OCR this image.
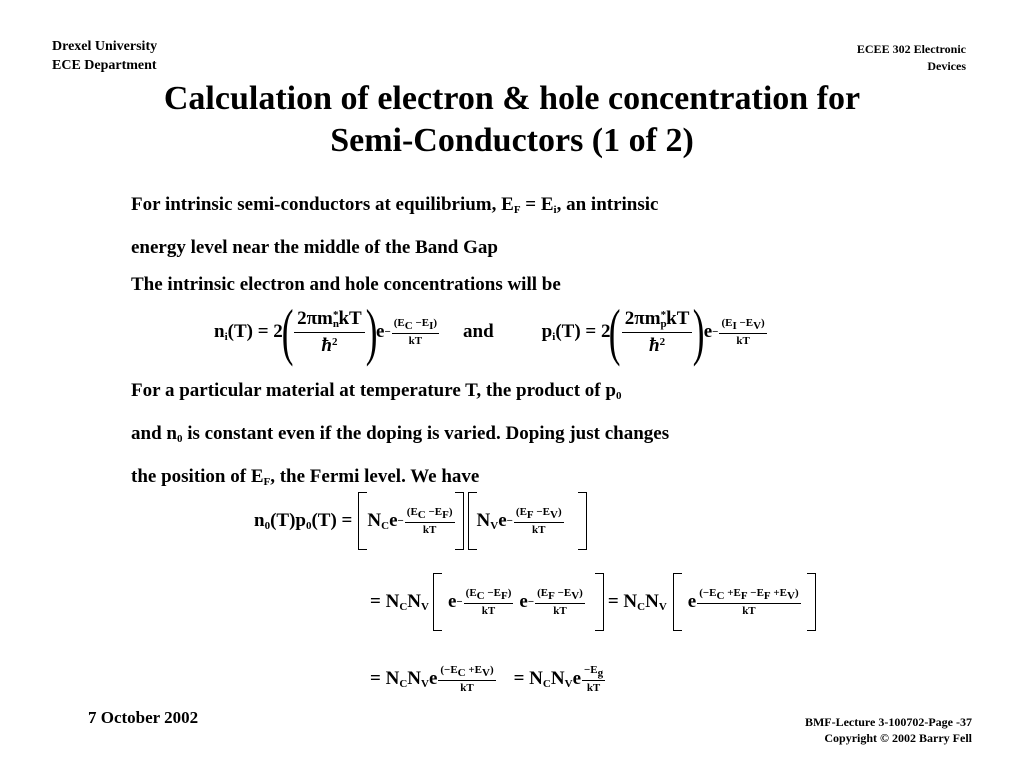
Drexel University
ECE Department
ECEE 302 Electronic
Devices
Calculation of electron & hole concentration for
Semi-Conductors (1 of 2)
For intrinsic semi-conductors at equilibrium, $E_F = E_i$, an intrinsic
energy level near the middle of the Band Gap
The intrinsic electron and hole concentrations will be
$n_i(T) = 2$
( $\frac{2\pi m_n^*kT}{ħ^2}$ )
$e - \frac{(E_C -E_I)}{kT}$ and	$p_i(T) = 2$
( $\frac{2\pi m_p^*kT}{ħ^2}$ )
$e - \frac{(E_I -E_V)}{kT}$
For a particular material at temperature T, the product of $p_0$
and $n_0$ is constant even if the doping is varied. Doping just changes
the position of $E_F$, the Fermi level. We have
$n_0(T)p_0(T) = N_Ce - \frac{(E_C -E_F)}{kT} N_Ve - \frac{(E_F -E_V)}{kT}$
= $N_CN_V$ $e - \frac{(E_C -E_F)}{kT}$ $e - \frac{(E_F -E_V)}{kT} = N_CN_V$ e $\frac{(-E_C +E_F -E_F +E_V)}{kT}$
= $N_CN_Ve \frac{(-E_C +E_V)}{kT} = N_CN_Ve \frac{-E_g}{kT}$
7 October 2002	BMF-Lecture 3-100702-Page -37
Copyright © 2002 Barry Fell
